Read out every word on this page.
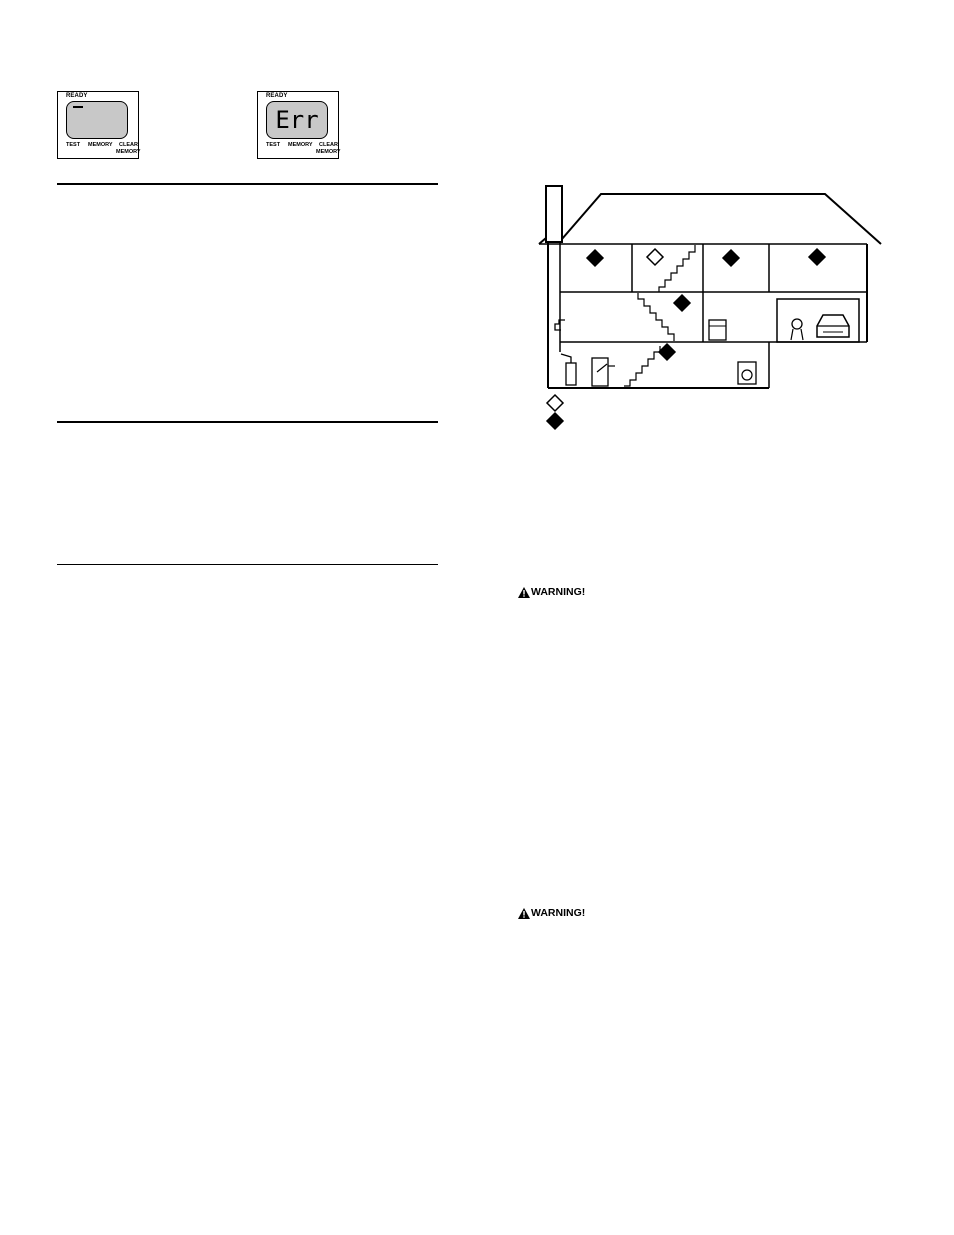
READY
TEST MEMORY CLEAR
MEMORY
READY
Err
TEST MEMORY CLEAR
MEMORY
WARNING!
WARNING!
